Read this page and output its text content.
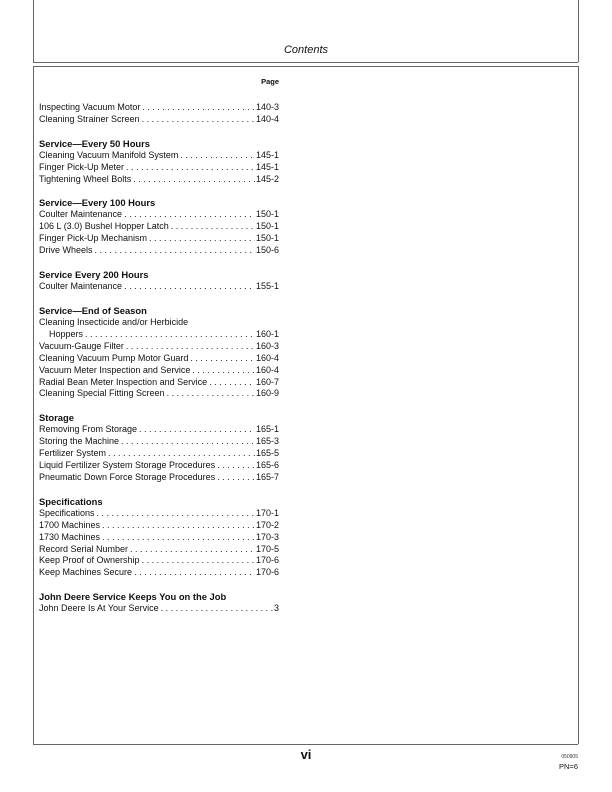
Contents
Page
Inspecting Vacuum Motor . . .	140-3
Cleaning Strainer Screen . . .	140-4
Service—Every 50 Hours
Cleaning Vacuum Manifold System . . .	145-1
Finger Pick-Up Meter . . .	145-1
Tightening Wheel Bolts . . .	145-2
Service—Every 100 Hours
Coulter Maintenance . . .	150-1
106 L (3.0) Bushel Hopper Latch . . .	150-1
Finger Pick-Up Mechanism . . .	150-1
Drive Wheels . . .	150-6
Service Every 200 Hours
Coulter Maintenance . . .	155-1
Service—End of Season
Cleaning Insecticide and/or Herbicide
Hoppers . . .	160-1
Vacuum-Gauge Filter . . .	160-3
Cleaning Vacuum Pump Motor Guard . . .	160-4
Vacuum Meter Inspection and Service . . .	160-4
Radial Bean Meter Inspection and Service . . .	160-7
Cleaning Special Fitting Screen . . .	160-9
Storage
Removing From Storage . . .	165-1
Storing the Machine . . .	165-3
Fertilizer System . . .	165-5
Liquid Fertilizer System Storage Procedures . . .	165-6
Pneumatic Down Force Storage Procedures . . .	165-7
Specifications
Specifications . . .	170-1
1700 Machines . . .	170-2
1730 Machines . . .	170-3
Record Serial Number . . .	170-5
Keep Proof of Ownership . . .	170-6
Keep Machines Secure . . .	170-6
John Deere Service Keeps You on the Job
John Deere Is At Your Service . . .	3
vi	050905
PN=6
